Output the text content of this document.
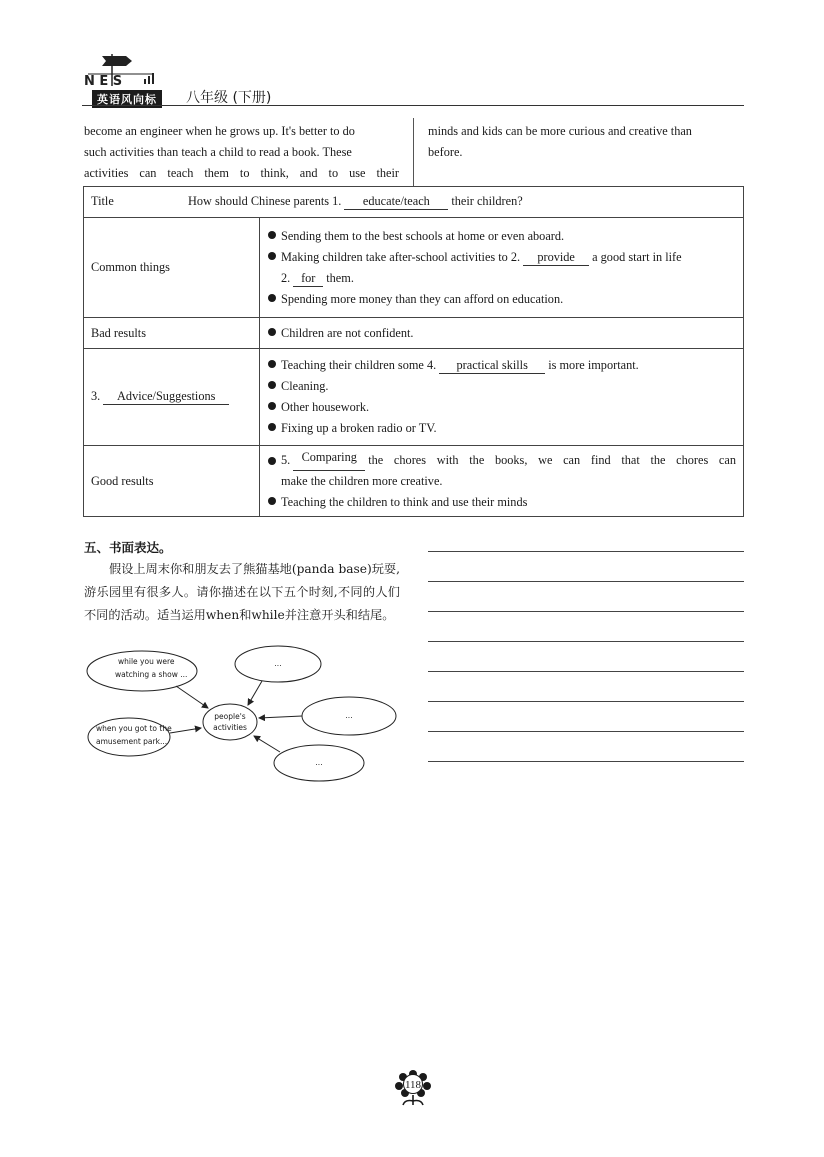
N E S
英语风向标	八年级 (下册)
become an engineer when he grows up. It's better to do
such activities than teach a child to read a book. These
activities can teach them to think, and to use their
minds and kids can be more curious and creative than
before.
Title How should Chinese parents 1. educate/teach their children?	
Common things	Sending them to the best schools at home or even aboard.
Making children take after-school activities to 2. provide a good start in life
2. for them.
Spending more money than they can afford on education.

Bad results	Children are not confident.

3. Advice/Suggestions	Teaching their children some 4. practical skills is more important.
Cleaning.
Other housework.
Fixing up a broken radio or TV.

Good results	5. Comparing the chores with the books, we can find that the chores can
make the children more creative.
Teaching the children to think and use their minds
五、书面表达。
假设上周末你和朋友去了熊猫基地(panda base)玩耍,游乐园里有很多人。请你描述在以下五个时刻,不同的人们不同的活动。适当运用when和while并注意开头和结尾。
people's
activities
while you were
watching a show ...
when you got to the
amusement park...
...
...
...
118
